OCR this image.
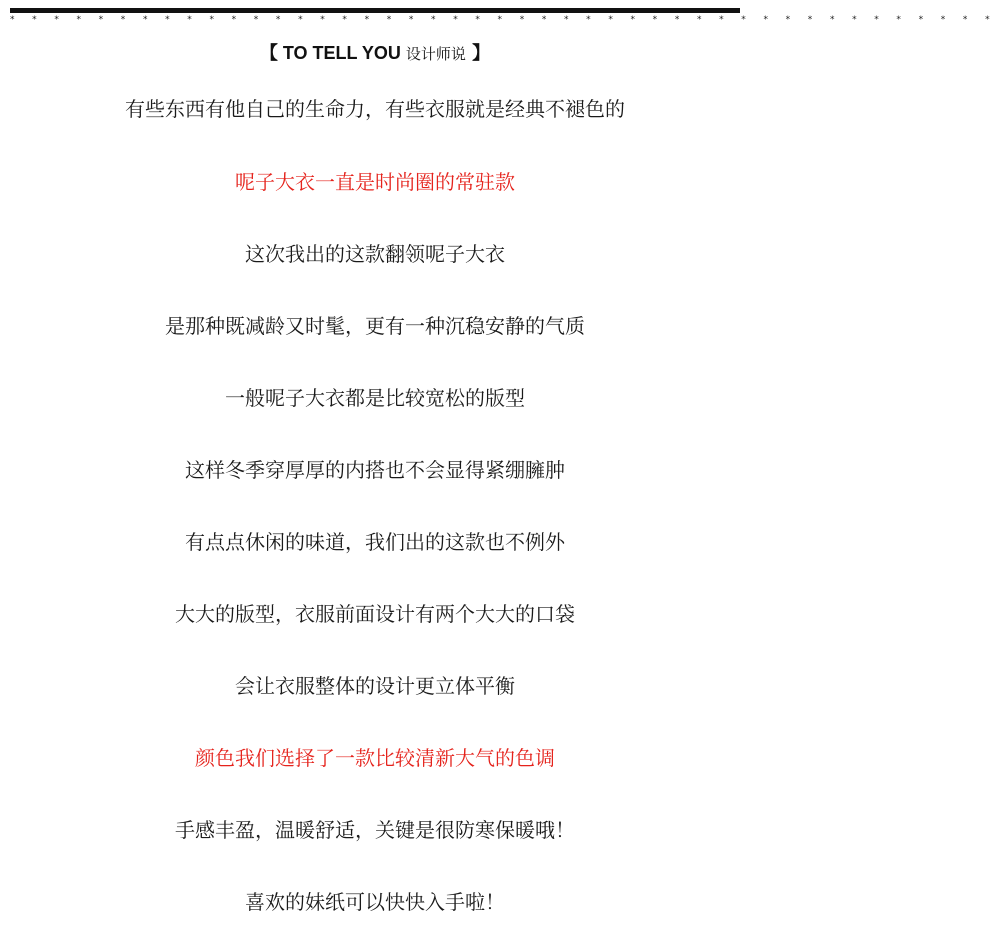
* * * * * * * * * * * * * * * * * * * * * * * * * * * * * * * * * * * * * * * * * * * * *
【 TO TELL YOU 设计师说 】
有些东西有他自己的生命力，有些衣服就是经典不褪色的
呢子大衣一直是时尚圈的常驻款
这次我出的这款翻领呢子大衣
是那种既减龄又时髦，更有一种沉稳安静的气质
一般呢子大衣都是比较宽松的版型
这样冬季穿厚厚的内搭也不会显得紧绷臃肿
有点点休闲的味道，我们出的这款也不例外
大大的版型，衣服前面设计有两个大大的口袋
会让衣服整体的设计更立体平衡
颜色我们选择了一款比较清新大气的色调
手感丰盈，温暖舒适，关键是很防寒保暖哦！
喜欢的妹纸可以快快入手啦！
